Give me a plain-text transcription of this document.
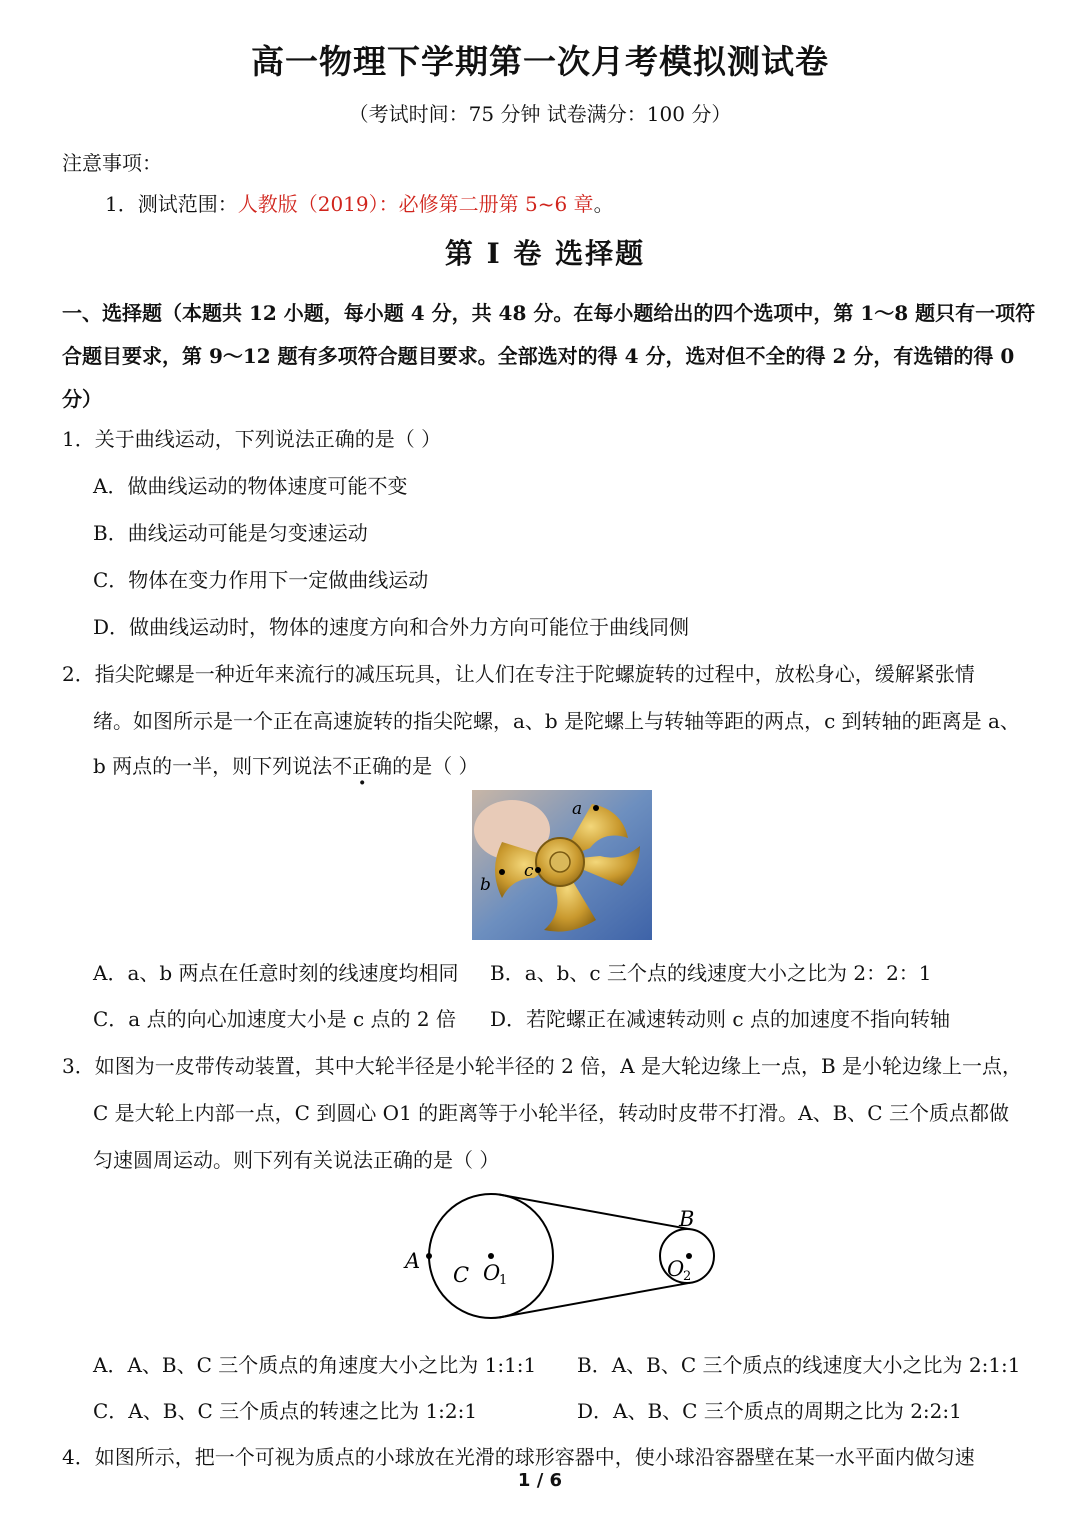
高一物理下学期第一次月考模拟测试卷
（考试时间：75 分钟 试卷满分：100 分）
注意事项：
1．测试范围：人教版（2019）：必修第二册第 5~6 章。
第 I 卷 选择题
一、选择题（本题共 12 小题，每小题 4 分，共 48 分。在每小题给出的四个选项中，第 1～8 题只有一项符合题目要求，第 9～12 题有多项符合题目要求。全部选对的得 4 分，选对但不全的得 2 分，有选错的得 0 分）
1．关于曲线运动，下列说法正确的是（ ）
A．做曲线运动的物体速度可能不变
B．曲线运动可能是匀变速运动
C．物体在变力作用下一定做曲线运动
D．做曲线运动时，物体的速度方向和合外力方向可能位于曲线同侧
2．指尖陀螺是一种近年来流行的减压玩具，让人们在专注于陀螺旋转的过程中，放松身心，缓解紧张情
绪。如图所示是一个正在高速旋转的指尖陀螺，a、b 是陀螺上与转轴等距的两点，c 到转轴的距离是 a、
b 两点的一半，则下列说法不正确的是（ ）
a
b
c
A．a、b 两点在任意时刻的线速度均相同 B．a、b、c 三个点的线速度大小之比为 2：2：1
C．a 点的向心加速度大小是 c 点的 2 倍 D．若陀螺正在减速转动则 c 点的加速度不指向转轴
3．如图为一皮带传动装置，其中大轮半径是小轮半径的 2 倍，A 是大轮边缘上一点，B 是小轮边缘上一点，
C 是大轮上内部一点，C 到圆心 O1 的距离等于小轮半径，转动时皮带不打滑。A、B、C 三个质点都做
匀速圆周运动。则下列有关说法正确的是（ ）
A
B
C O
1	O
2
A．A、B、C 三个质点的角速度大小之比为 1:1:1 B．A、B、C 三个质点的线速度大小之比为 2:1:1
C．A、B、C 三个质点的转速之比为 1:2:1	D．A、B、C 三个质点的周期之比为 2:2:1
4．如图所示，把一个可视为质点的小球放在光滑的球形容器中，使小球沿容器壁在某一水平面内做匀速
1 / 6
